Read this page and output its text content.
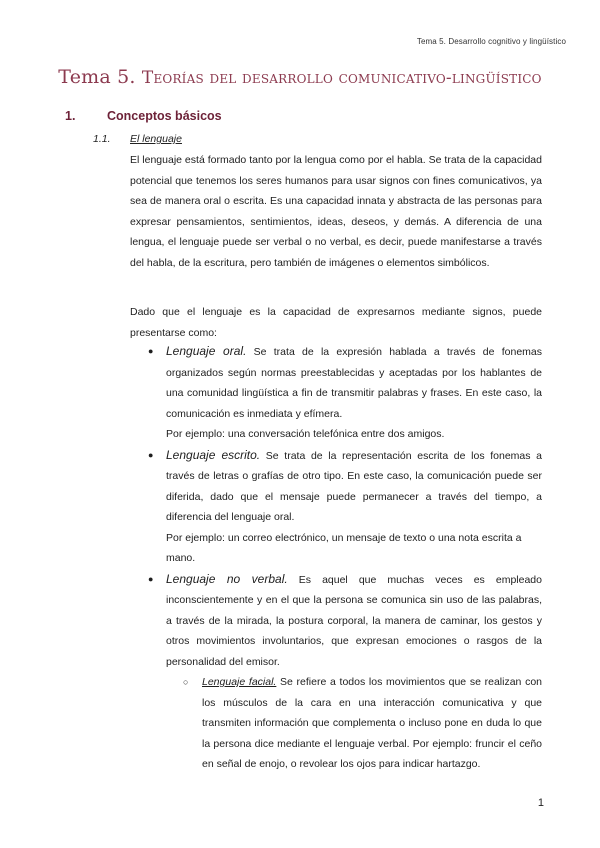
Tema 5. Desarrollo cognitivo y lingüístico
Tema 5. Teorías del desarrollo comunicativo-lingüístico
1.	Conceptos básicos
1.1. El lenguaje

El lenguaje está formado tanto por la lengua como por el habla. Se trata de la capacidad potencial que tenemos los seres humanos para usar signos con fines comunicativos, ya sea de manera oral o escrita. Es una capacidad innata y abstracta de las personas para expresar pensamientos, sentimientos, ideas, deseos, y demás. A diferencia de una lengua, el lenguaje puede ser verbal o no verbal, es decir, puede manifestarse a través del habla, de la escritura, pero también de imágenes o elementos simbólicos.

Dado que el lenguaje es la capacidad de expresarnos mediante signos, puede presentarse como:

● Lenguaje oral. Se trata de la expresión hablada a través de fonemas organizados según normas preestablecidas y aceptadas por los hablantes de una comunidad lingüística a fin de transmitir palabras y frases. En este caso, la comunicación es inmediata y efímera.
Por ejemplo: una conversación telefónica entre dos amigos.
● Lenguaje escrito. Se trata de la representación escrita de los fonemas a través de letras o grafías de otro tipo. En este caso, la comunicación puede ser diferida, dado que el mensaje puede permanecer a través del tiempo, a diferencia del lenguaje oral.
Por ejemplo: un correo electrónico, un mensaje de texto o una nota escrita a mano.
● Lenguaje no verbal. Es aquel que muchas veces es empleado inconscientemente y en el que la persona se comunica sin uso de las palabras, a través de la mirada, la postura corporal, la manera de caminar, los gestos y otros movimientos involuntarios, que expresan emociones o rasgos de la personalidad del emisor.
○ Lenguaje facial. Se refiere a todos los movimientos que se realizan con los músculos de la cara en una interacción comunicativa y que transmiten información que complementa o incluso pone en duda lo que la persona dice mediante el lenguaje verbal. Por ejemplo: fruncir el ceño en señal de enojo, o revolear los ojos para indicar hartazgo.
1
